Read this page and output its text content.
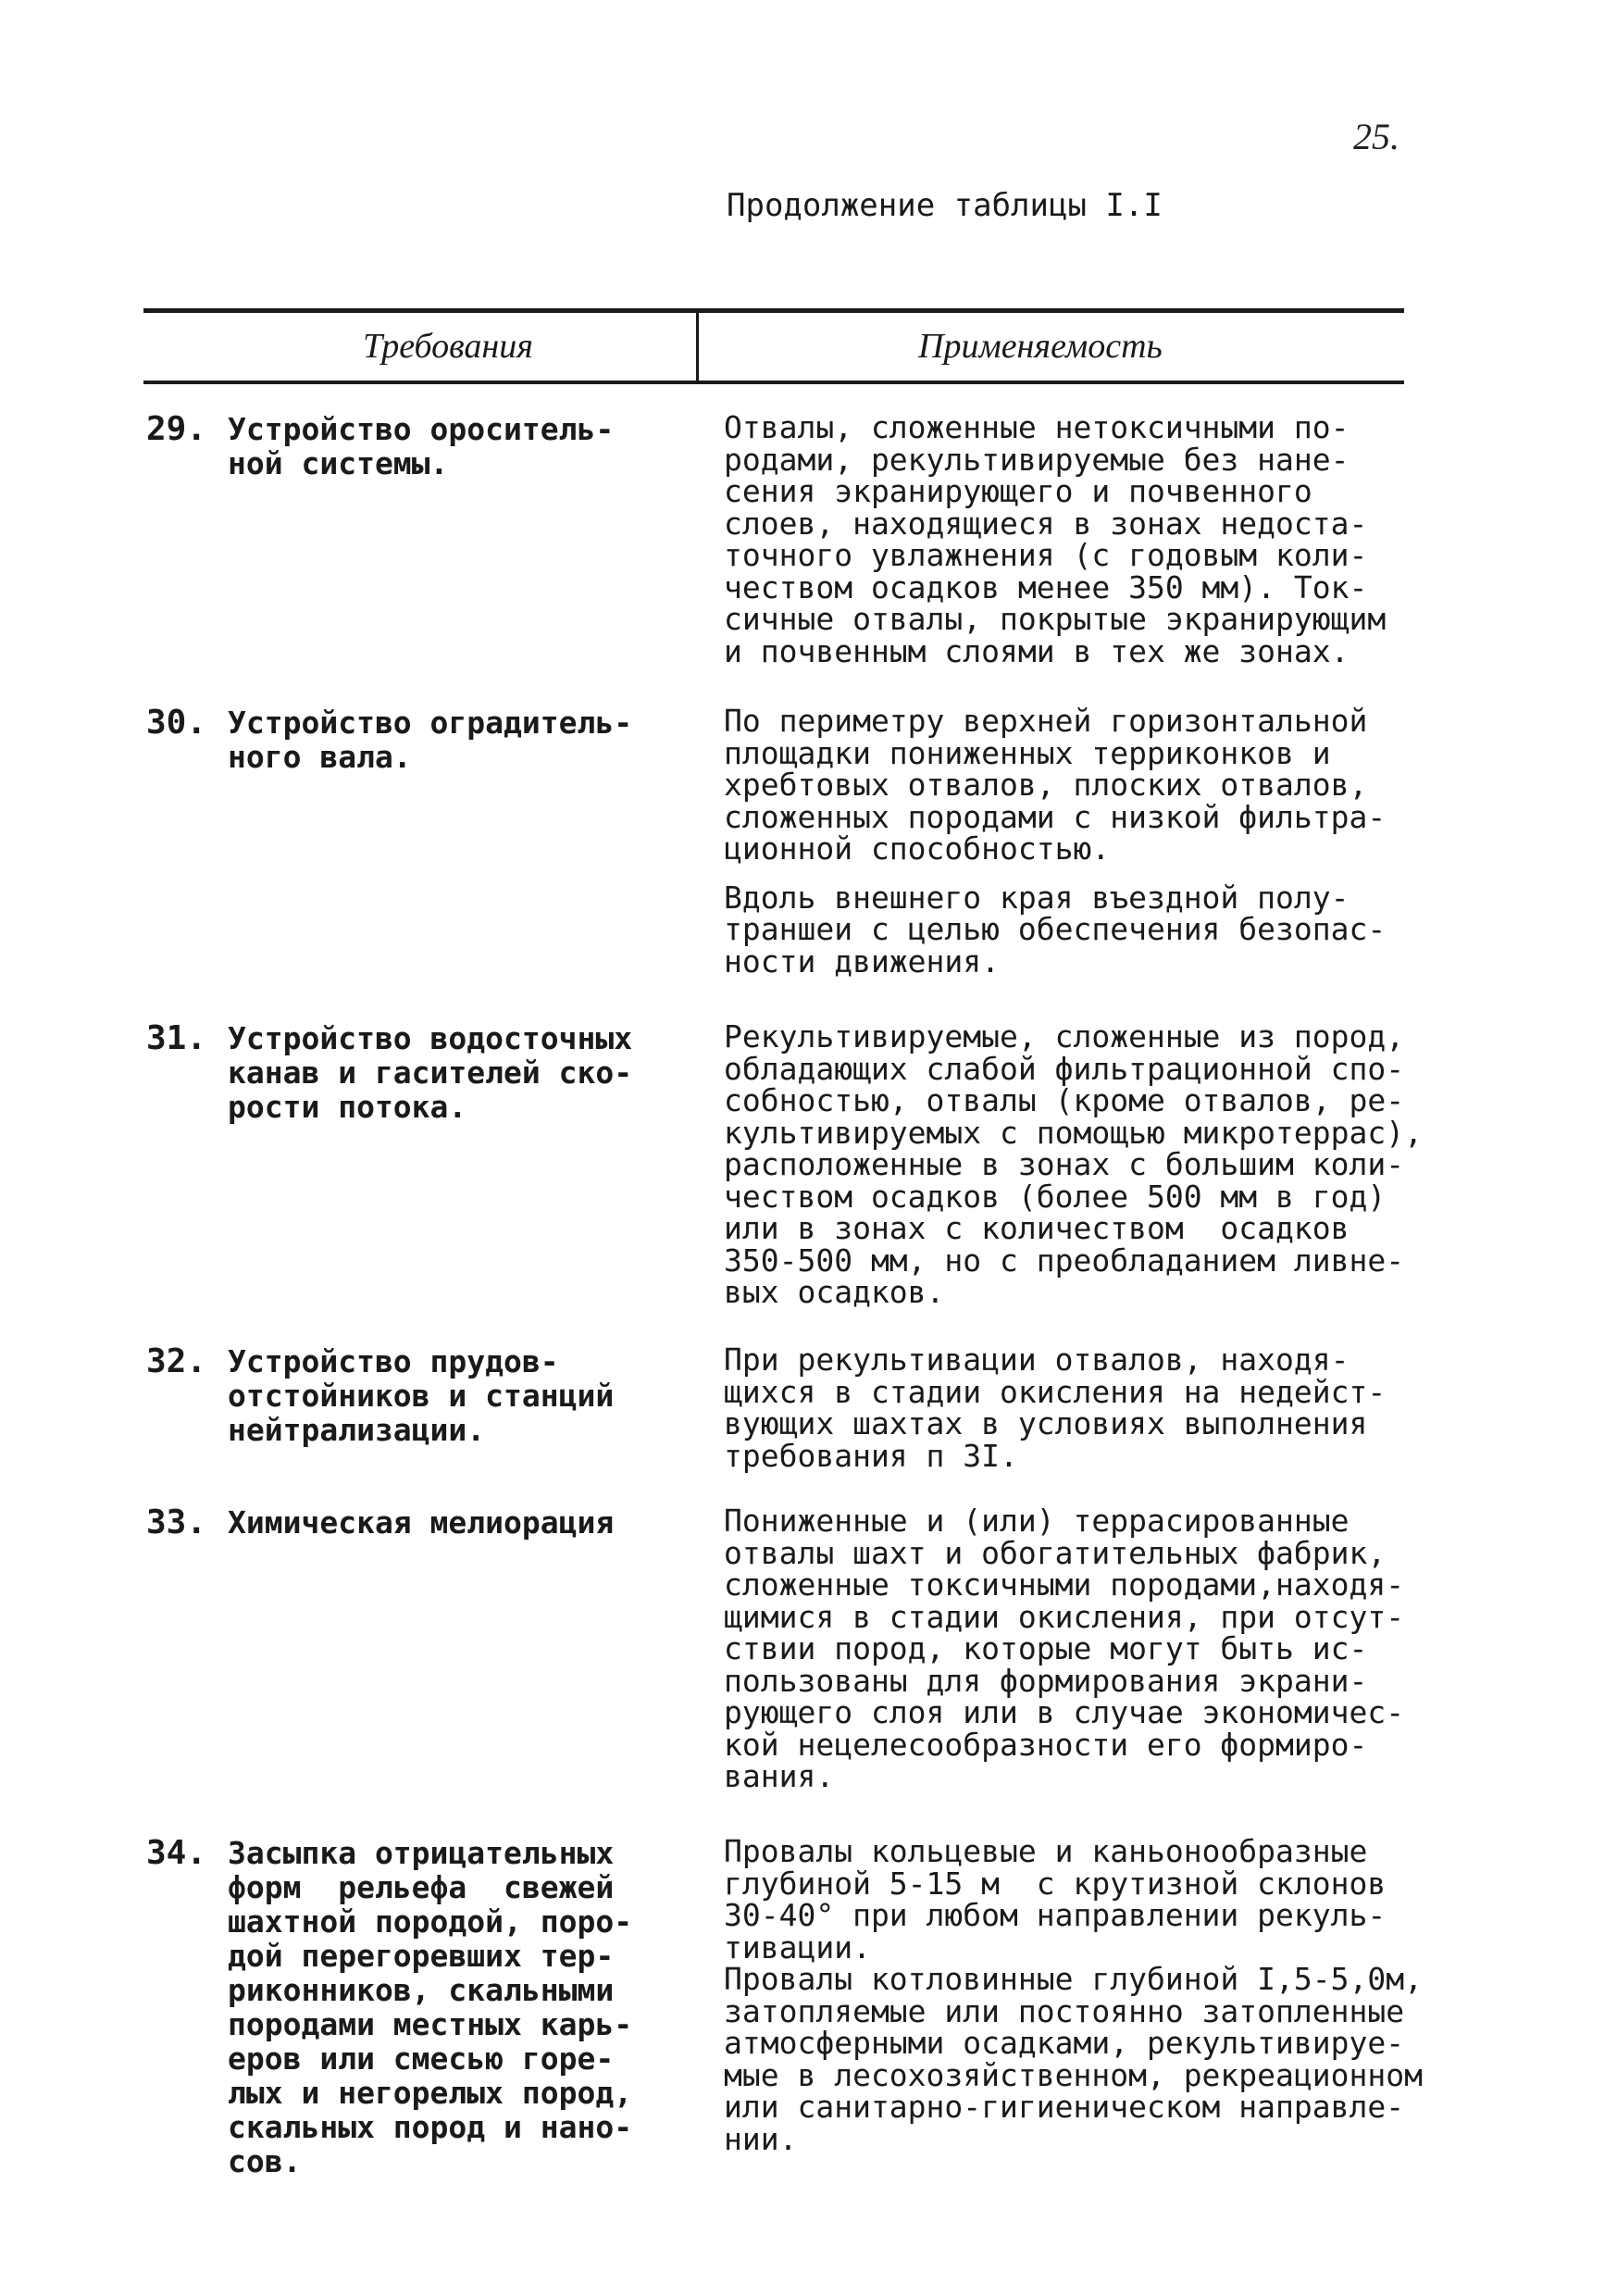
25.
Продолжение таблицы I.I
Требования	Применяемость
29. Устройство ороситель-
ной системы.
Отвалы, сложенные нетоксичными по-
родами, рекультивируемые без нане-
сения экранирующего и почвенного
слоев, находящиеся в зонах недоста-
точного увлажнения (с годовым коли-
чеством осадков менее 350 мм). Ток-
сичные отвалы, покрытые экранирующим
и почвенным слоями в тех же зонах.
30. Устройство оградитель-
ного вала.
По периметру верхней горизонтальной
площадки пониженных терриконков и
хребтовых отвалов, плоских отвалов,
сложенных породами с низкой фильтра-
ционной способностью.
Вдоль внешнего края въездной полу-
траншеи с целью обеспечения безопас-
ности движения.
31. Устройство водосточных
канав и гасителей ско-
рости потока.
Рекультивируемые, сложенные из пород,
обладающих слабой фильтрационной спо-
собностью, отвалы (кроме отвалов, ре-
культивируемых с помощью микротеррас),
расположенные в зонах с большим коли-
чеством осадков (более 500 мм в год)
или в зонах с количеством  осадков
350-500 мм, но с преобладанием ливне-
вых осадков.
32. Устройство прудов-
отстойников и станций
нейтрализации.
При рекультивации отвалов, находя-
щихся в стадии окисления на недейст-
вующих шахтах в условиях выполнения
требования п 3I.
33. Химическая мелиорация	Пониженные и (или) террасированные
отвалы шахт и обогатительных фабрик,
сложенные токсичными породами,находя-
щимися в стадии окисления, при отсут-
ствии пород, которые могут быть ис-
пользованы для формирования экрани-
рующего слоя или в случае экономичес-
кой нецелесообразности его формиро-
вания.
34. Засыпка отрицательных
форм  рельефа  свежей
шахтной породой, поро-
дой перегоревших тер-
риконников, скальными
породами местных карь-
еров или смесью горе-
лых и негорелых пород,
скальных пород и нано-
сов.
Провалы кольцевые и каньонообразные
глубиной 5-15 м  с крутизной склонов
30-40° при любом направлении рекуль-
тивации.
Провалы котловинные глубиной I,5-5,0м,
затопляемые или постоянно затопленные
атмосферными осадками, рекультивируе-
мые в лесохозяйственном, рекреационном
или санитарно-гигиеническом направле-
нии.
